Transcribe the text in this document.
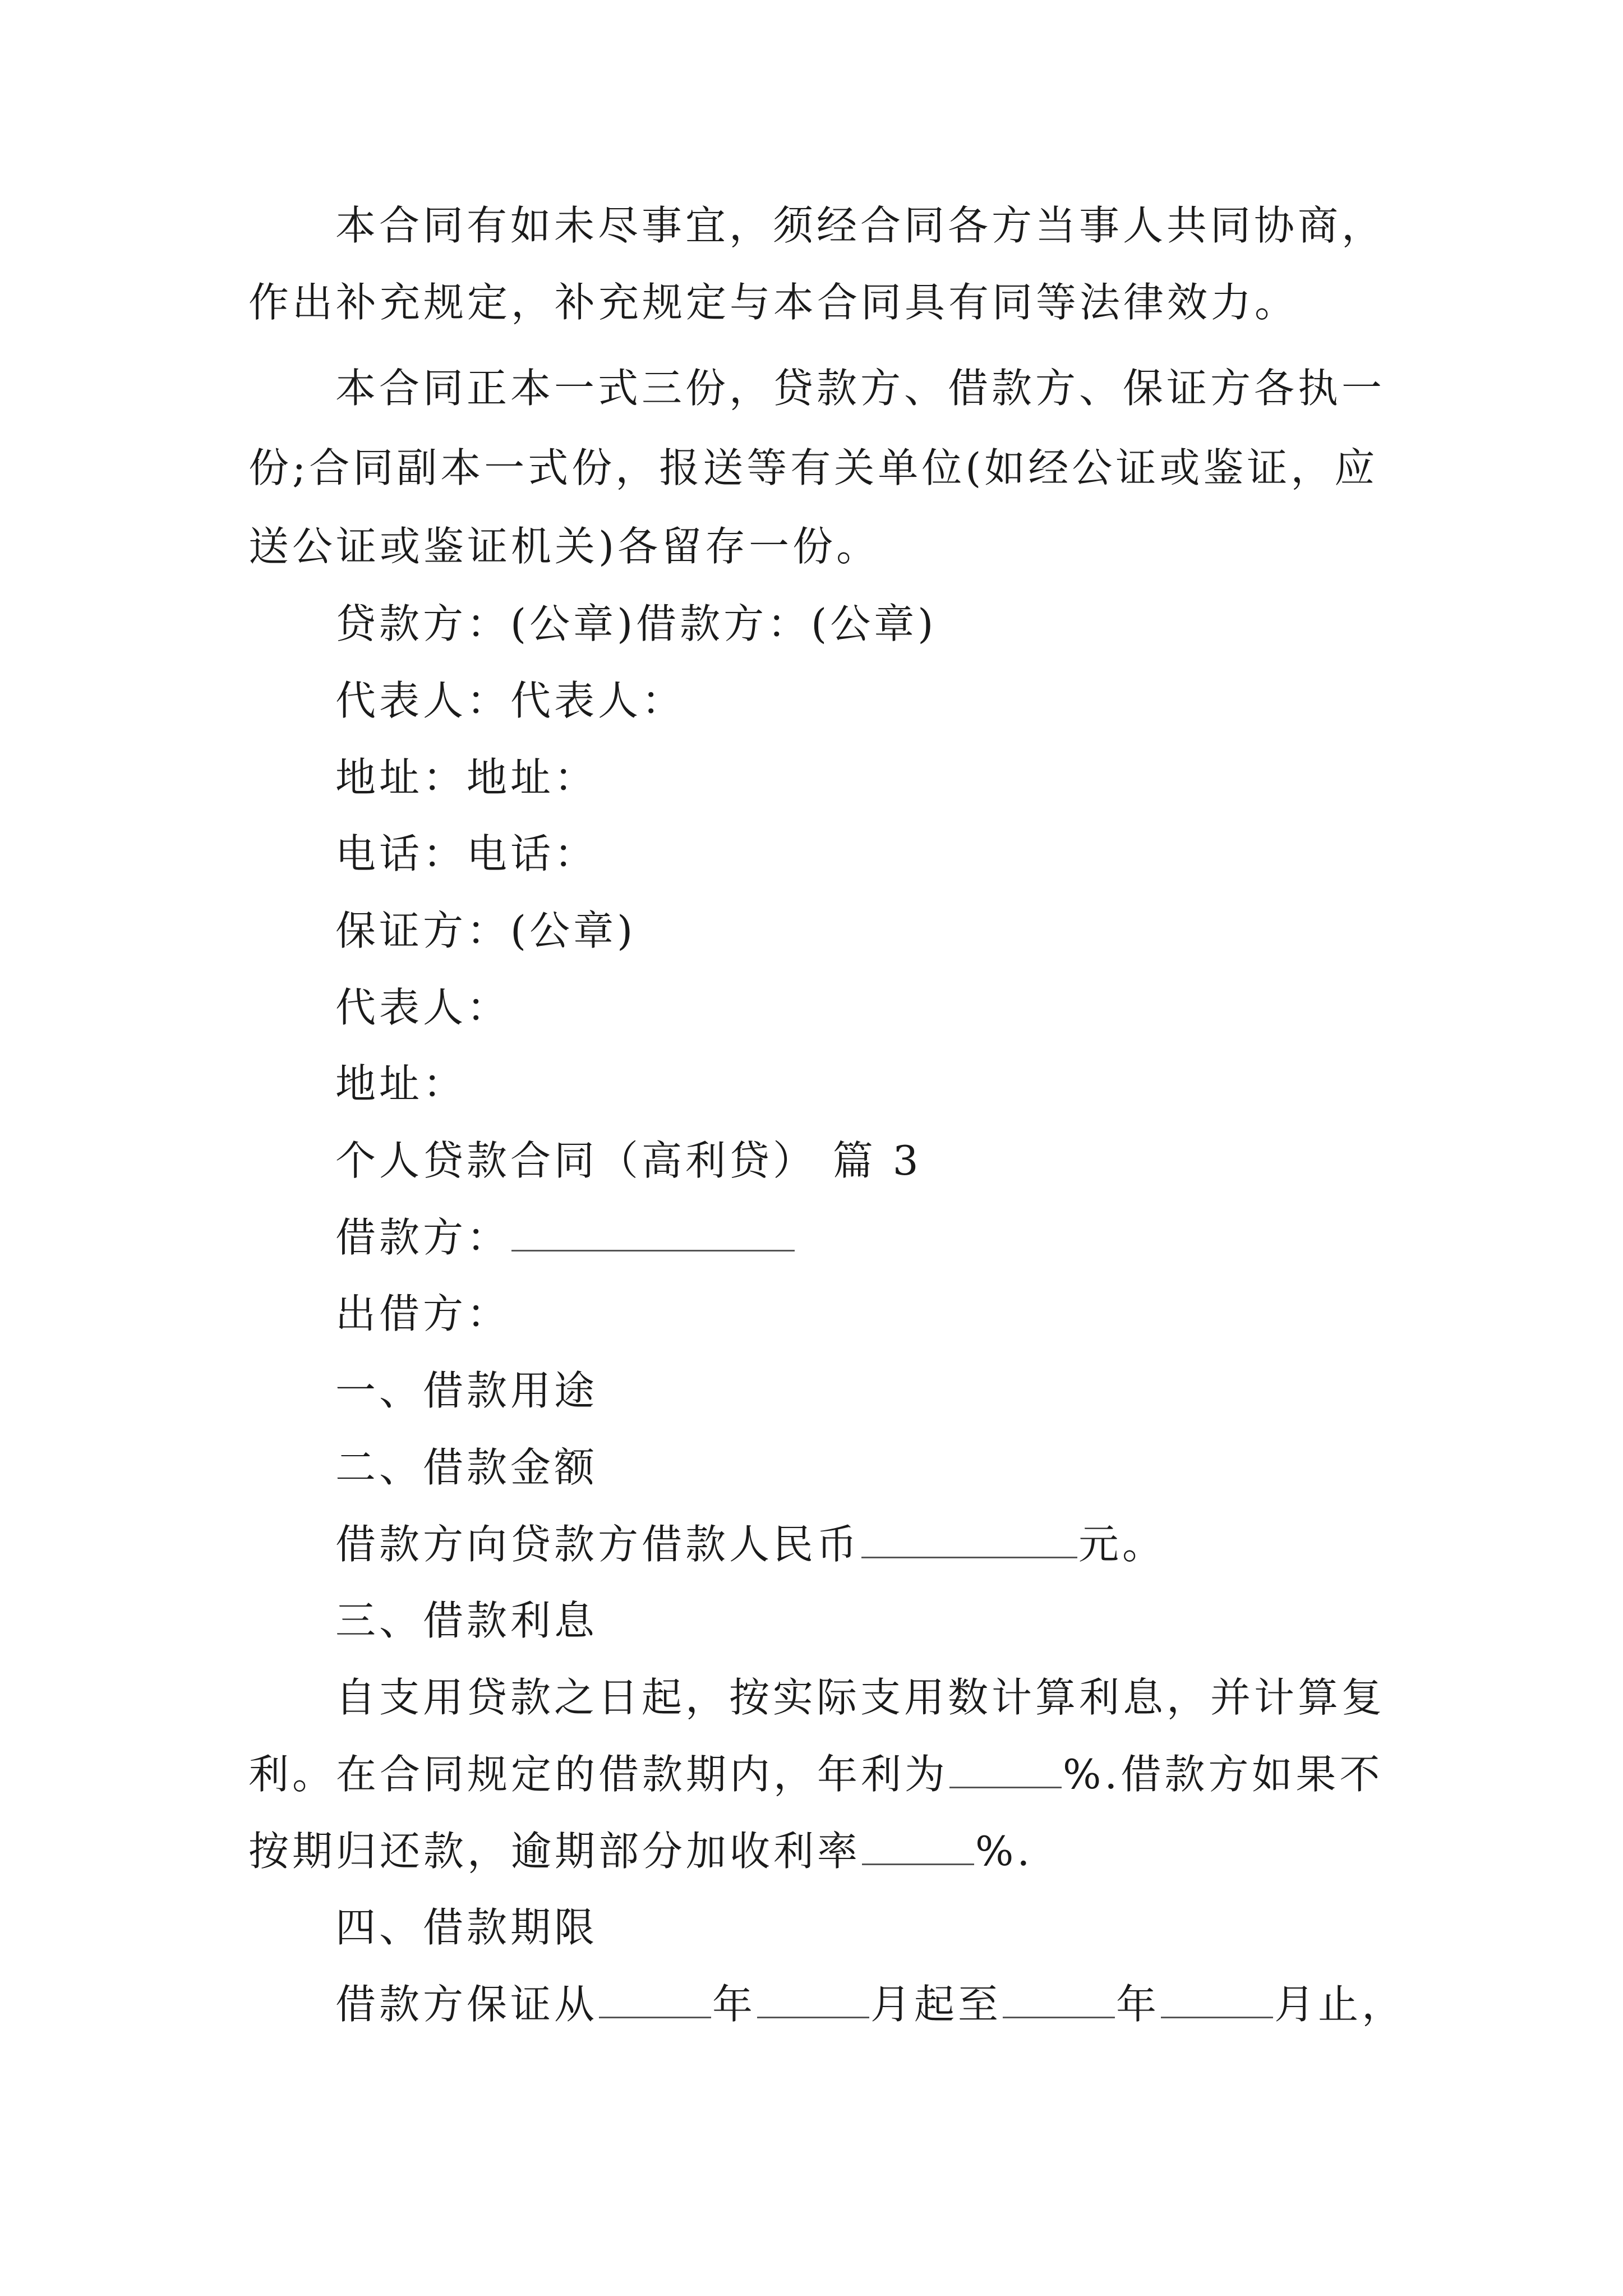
本合同有如未尽事宜，须经合同各方当事人共同协商，
作出补充规定，补充规定与本合同具有同等法律效力。
本合同正本一式三份，贷款方、借款方、保证方各执一
份;合同副本一式份，报送等有关单位(如经公证或鉴证，应
送公证或鉴证机关)各留存一份。
贷款方：(公章)借款方：(公章)
代表人：代表人：
地址：地址：
电话：电话：
保证方：(公章)
代表人：
地址：
个人贷款合同（高利贷） 篇 3
借款方：
出借方：
一、借款用途
二、借款金额
借款方向贷款方借款人民币	元。
三、借款利息
自支用贷款之日起，按实际支用数计算利息，并计算复
利。在合同规定的借款期内，年利为	%.借款方如果不
按期归还款，逾期部分加收利率	%.
四、借款期限
借款方保证从	年	月起至	年	月止，
